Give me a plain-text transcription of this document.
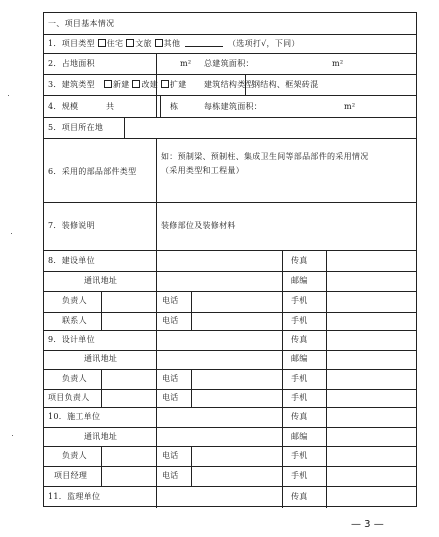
一、项目基本情况
1．项目类型 住宅 文旅 其他	（选项打√，下同）
2．占地面积	m² 总建筑面积：	m²
3．建筑类型	新建 改建 扩建 建筑结构类型
钢结构、框架砖混
4．规模	共	栋	每栋建筑面积：	m²
5．项目所在地
6．采用的部品部件类型
如：预制梁、预制柱、集成卫生间等部品部件的采用情况（采用类型和工程量）
7．装修说明	装修部位及装修材料
8．建设单位	传真
通讯地址	邮编
负责人	电话	手机
联系人	电话	手机
9．设计单位	传真
通讯地址	邮编
负责人	电话	手机
项目负责人	电话	手机
10．施工单位	传真
通讯地址	邮编
负责人	电话	手机
项目经理	电话	手机
11．监理单位	传真
— 3 —
